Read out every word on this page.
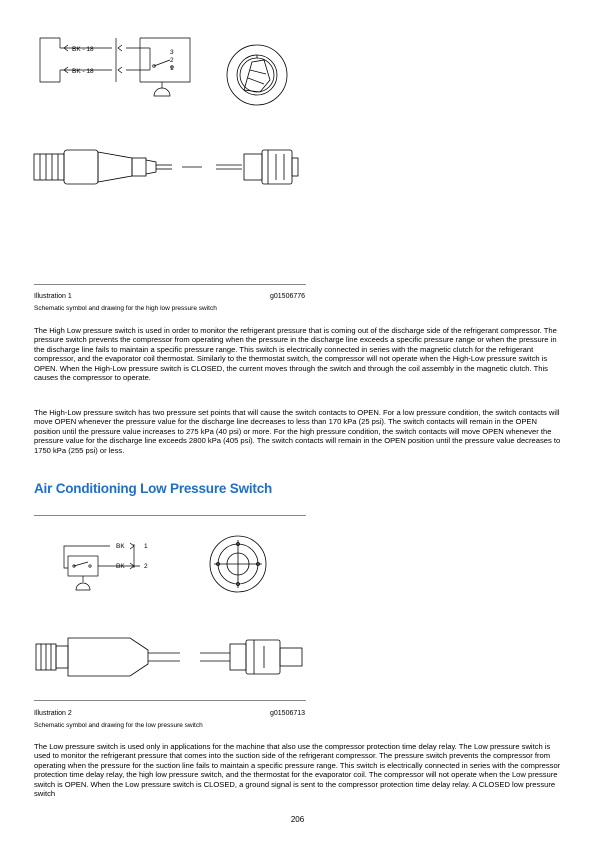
BK - 18
BK - 18
3
2
1
Illustration 1	g01506776
Schematic symbol and drawing for the high low pressure switch
The High Low pressure switch is used in order to monitor the refrigerant pressure that is coming out of the discharge side of the refrigerant compressor. The pressure switch prevents the compressor from operating when the pressure in the discharge line exceeds a specific pressure range or when the pressure in the discharge line fails to maintain a specific pressure range. This switch is electrically connected in series with the magnetic clutch for the refrigerant compressor, and the evaporator coil thermostat. Similarly to the thermostat switch, the compressor will not operate when the High-Low pressure switch is OPEN. When the High-Low pressure switch is CLOSED, the current moves through the switch and through the coil assembly in the magnetic clutch. This causes the compressor to operate.
The High-Low pressure switch has two pressure set points that will cause the switch contacts to OPEN. For a low pressure condition, the switch contacts will move OPEN whenever the pressure value for the discharge line decreases to less than 170 kPa (25 psi). The switch contacts will remain in the OPEN position until the pressure value increases to 275 kPa (40 psi) or more. For the high pressure condition, the switch contacts will move OPEN whenever the pressure value for the discharge line exceeds 2800 kPa (405 psi). The switch contacts will remain in the OPEN position until the pressure value decreases to 1750 kPa (255 psi) or less.
Air Conditioning Low Pressure Switch
BK
BK
1
2
Illustration 2	g01506713
Schematic symbol and drawing for the low pressure switch
The Low pressure switch is used only in applications for the machine that also use the compressor protection time delay relay. The Low pressure switch is used to monitor the refrigerant pressure that comes into the suction side of the refrigerant compressor. The pressure switch prevents the compressor from operating when the pressure for the suction line fails to maintain a specific pressure range. This switch is electrically connected in series with the compressor protection time delay relay, the high low pressure switch, and the thermostat for the evaporator coil. The compressor will not operate when the Low pressure switch is OPEN. When the Low pressure switch is CLOSED, a ground signal is sent to the compressor protection time delay relay. A CLOSED low pressure switch
206
